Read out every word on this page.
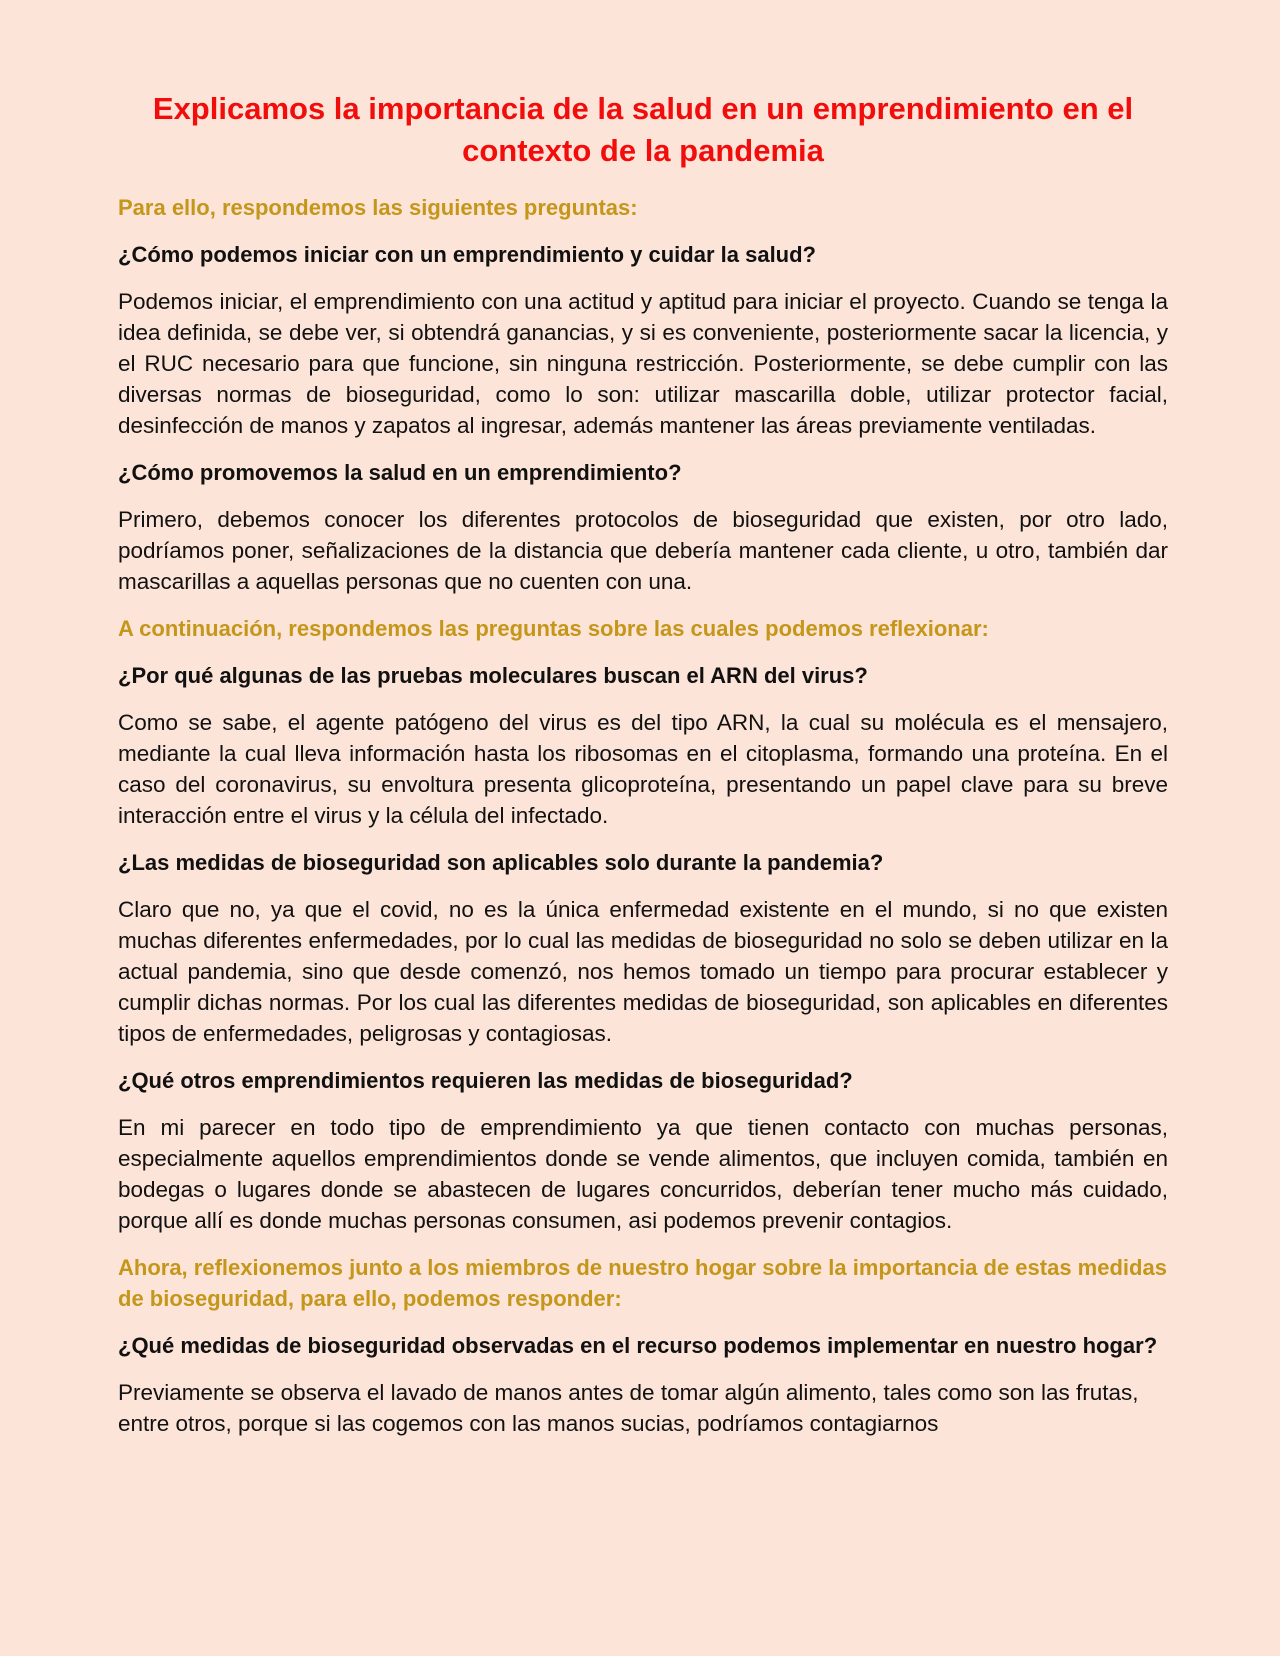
Explicamos la importancia de la salud en un emprendimiento en el contexto de la pandemia

Para ello, respondemos las siguientes preguntas:

¿Cómo podemos iniciar con un emprendimiento y cuidar la salud?

Podemos iniciar, el emprendimiento con una actitud y aptitud para iniciar el proyecto. Cuando se tenga la idea definida, se debe ver, si obtendrá ganancias, y si es conveniente, posteriormente sacar la licencia, y el RUC necesario para que funcione, sin ninguna restricción. Posteriormente, se debe cumplir con las diversas normas de bioseguridad, como lo son: utilizar mascarilla doble, utilizar protector facial, desinfección de manos y zapatos al ingresar, además mantener las áreas previamente ventiladas.

¿Cómo promovemos la salud en un emprendimiento?

Primero, debemos conocer los diferentes protocolos de bioseguridad que existen, por otro lado, podríamos poner, señalizaciones de la distancia que debería mantener cada cliente, u otro, también dar mascarillas a aquellas personas que no cuenten con una.

A continuación, respondemos las preguntas sobre las cuales podemos reflexionar:

¿Por qué algunas de las pruebas moleculares buscan el ARN del virus?

Como se sabe, el agente patógeno del virus es del tipo ARN, la cual su molécula es el mensajero, mediante la cual lleva información hasta los ribosomas en el citoplasma, formando una proteína. En el caso del coronavirus, su envoltura presenta glicoproteína, presentando un papel clave para su breve interacción entre el virus y la célula del infectado.

¿Las medidas de bioseguridad son aplicables solo durante la pandemia?

Claro que no, ya que el covid, no es la única enfermedad existente en el mundo, si no que existen muchas diferentes enfermedades, por lo cual las medidas de bioseguridad no solo se deben utilizar en la actual pandemia, sino que desde comenzó, nos hemos tomado un tiempo para procurar establecer y cumplir dichas normas. Por los cual las diferentes medidas de bioseguridad, son aplicables en diferentes tipos de enfermedades, peligrosas y contagiosas.

¿Qué otros emprendimientos requieren las medidas de bioseguridad?

En mi parecer en todo tipo de emprendimiento ya que tienen contacto con muchas personas, especialmente aquellos emprendimientos donde se vende alimentos, que incluyen comida, también en bodegas o lugares donde se abastecen de lugares concurridos, deberían tener mucho más cuidado, porque allí es donde muchas personas consumen, asi podemos prevenir contagios.

Ahora, reflexionemos junto a los miembros de nuestro hogar sobre la importancia de estas medidas de bioseguridad, para ello, podemos responder:

¿Qué medidas de bioseguridad observadas en el recurso podemos implementar en nuestro hogar?

Previamente se observa el lavado de manos antes de tomar algún alimento, tales como son las frutas, entre otros, porque si las cogemos con las manos sucias, podríamos contagiarnos
